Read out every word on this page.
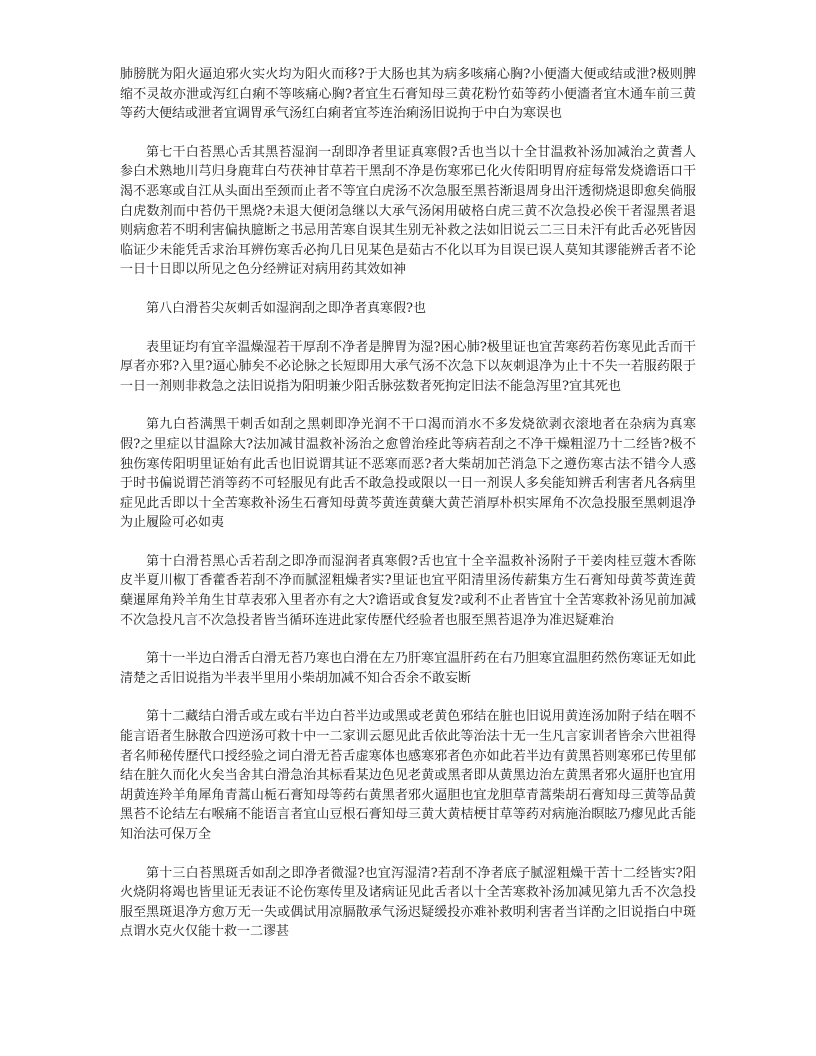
肺膀胱为阳火逼迫邪火实火均为阳火而移?于大肠也其为病多咳痛心胸?小便濇大便或结或泄?极则脾缩不灵故亦泄或泻红白痢不等咳痛心胸?者宜生石膏知母三黄花粉竹茹等药小便濇者宜木通车前三黄等药大便结或泄者宜调胃承气汤红白痢者宜芩连治痢汤旧说拘于中白为寒误也

第七干白苔黑心舌其黑苔湿润一刮即净者里证真寒假?舌也当以十全甘温救补汤加减治之黄耆人参白术熟地川芎归身鹿茸白芍茯神甘草若干黑刮不净是伤寒邪已化火传阳明胃府症每常发烧谵语口干渴不恶寒或自江从头面出至颈而止者不等宜白虎汤不次急服至黑苔渐退周身出汗透彻烧退即愈矣倘服白虎数剂而中苔仍干黑烧?未退大便闭急继以大承气汤闲用破格白虎三黄不次急投必俟干者湿黑者退则病愈若不明利害偏执臆断之书忌用苦寒自误其生别无补救之法如旧说云二三日未汗有此舌必死皆因临证少未能凭舌求治耳辨伤寒舌必拘几日见某色是茹古不化以耳为目误已误人莫知其谬能辨舌者不论一日十日即以所见之色分经辨证对病用药其效如神

第八白滑苔尖灰刺舌如湿润刮之即净者真寒假?也

表里证均有宜辛温燥湿若干厚刮不净者是脾胃为湿?困心肺?极里证也宜苦寒药若伤寒见此舌而干厚者亦邪?入里?逼心肺矣不必论脉之长短即用大承气汤不次急下以灰刺退净为止十不失一若服药限于一日一剂则非救急之法旧说指为阳明兼少阳舌脉弦数者死拘定旧法不能急泻里?宜其死也

第九白苔满黑干刺舌如刮之黑刺即净光润不干口渴而消水不多发烧欲剥衣滚地者在杂病为真寒假?之里症以甘温除大?法加减甘温救补汤治之愈曾治痊此等病若刮之不净干燥粗涩乃十二经皆?极不独伤寒传阳明里证始有此舌也旧说谓其证不恶寒而恶?者大柴胡加芒消急下之遵伤寒古法不错今人惑于时书偏说谓芒消等药不可轻服见有此舌不敢急投或限以一日一剂误人多矣能知辨舌利害者凡各病里症见此舌即以十全苦寒救补汤生石膏知母黄芩黄连黄蘖大黄芒消厚朴枳实犀角不次急投服至黑刺退净为止履险可必如夷

第十白滑苔黑心舌若刮之即净而湿润者真寒假?舌也宜十全辛温救补汤附子干姜肉桂豆蔻木香陈皮半夏川椒丁香藿香若刮不净而腻涩粗燥者实?里证也宜平阳清里汤传薪集方生石膏知母黄芩黄连黄蘖暹犀角羚羊角生甘草表邪入里者亦有之大?谵语或食复发?或利不止者皆宜十全苦寒救补汤见前加减不次急投凡言不次急投者皆当循环连进此家传歷代经验者也服至黑苔退净为准迟疑难治

第十一半边白滑舌白滑无苔乃寒也白滑在左乃肝寒宜温肝药在右乃胆寒宜温胆药然伤寒证无如此清楚之舌旧说指为半表半里用小柴胡加减不知合否余不敢妄断

第十二藏结白滑舌或左或右半边白苔半边或黑或老黄色邪结在脏也旧说用黄连汤加附子结在咽不能言语者生脉散合四逆汤可救十中一二家训云愿见此舌依此等治法十无一生凡言家训者皆余六世祖得者名师秘传歷代口授经验之词白滑无苔舌虚寒体也感寒邪者色亦如此若半边有黄黑苔则寒邪已传里郁结在脏久而化火矣当舍其白滑急治其标看某边色见老黄或黑者即从黄黑边治左黄黑者邪火逼肝也宜用胡黄连羚羊角犀角青蒿山栀石膏知母等药右黄黑者邪火逼胆也宜龙胆草青蒿柴胡石膏知母三黄等品黄黑苔不论结左右喉痛不能语言者宜山豆根石膏知母三黄大黄桔梗甘草等药对病施治瞑眩乃瘳见此舌能知治法可保万全

第十三白苔黑斑舌如刮之即净者微湿?也宜泻湿清?若刮不净者底子腻涩粗燥干苦十二经皆实?阳火烧阴将竭也皆里证无表证不论伤寒传里及诸病证见此舌者以十全苦寒救补汤加减见第九舌不次急投服至黑斑退净方愈万无一失或偶试用凉膈散承气汤迟疑缓投亦难补救明利害者当详酌之旧说指白中斑点谓水克火仅能十救一二谬甚
